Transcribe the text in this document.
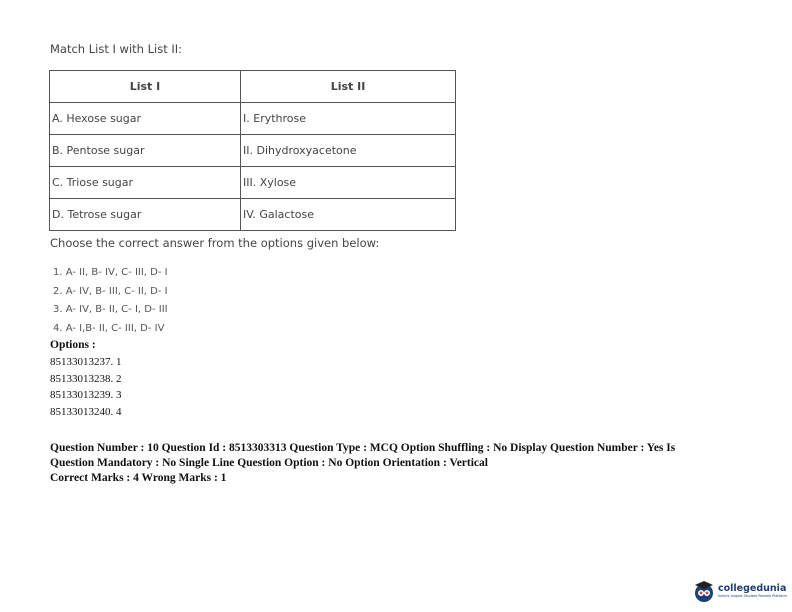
Match List I with List II:
List I	List II
A. Hexose sugar	I. Erythrose
B. Pentose sugar	II. Dihydroxyacetone
C. Triose sugar	III. Xylose
D. Tetrose sugar	IV. Galactose
Choose the correct answer from the options given below:
1. A- II, B- IV, C- III, D- I
2. A- IV, B- III, C- II, D- I
3. A- IV, B- II, C- I, D- III
4. A- I,B- II, C- III, D- IV
Options :
85133013237. 1
85133013238. 2
85133013239. 3
85133013240. 4
Question Number : 10 Question Id : 8513303313 Question Type : MCQ Option Shuffling : No Display Question Number : Yes Is
Question Mandatory : No Single Line Question Option : No Option Orientation : Vertical
Correct Marks : 4 Wrong Marks : 1
collegedunia
India's largest Student Review Platform
